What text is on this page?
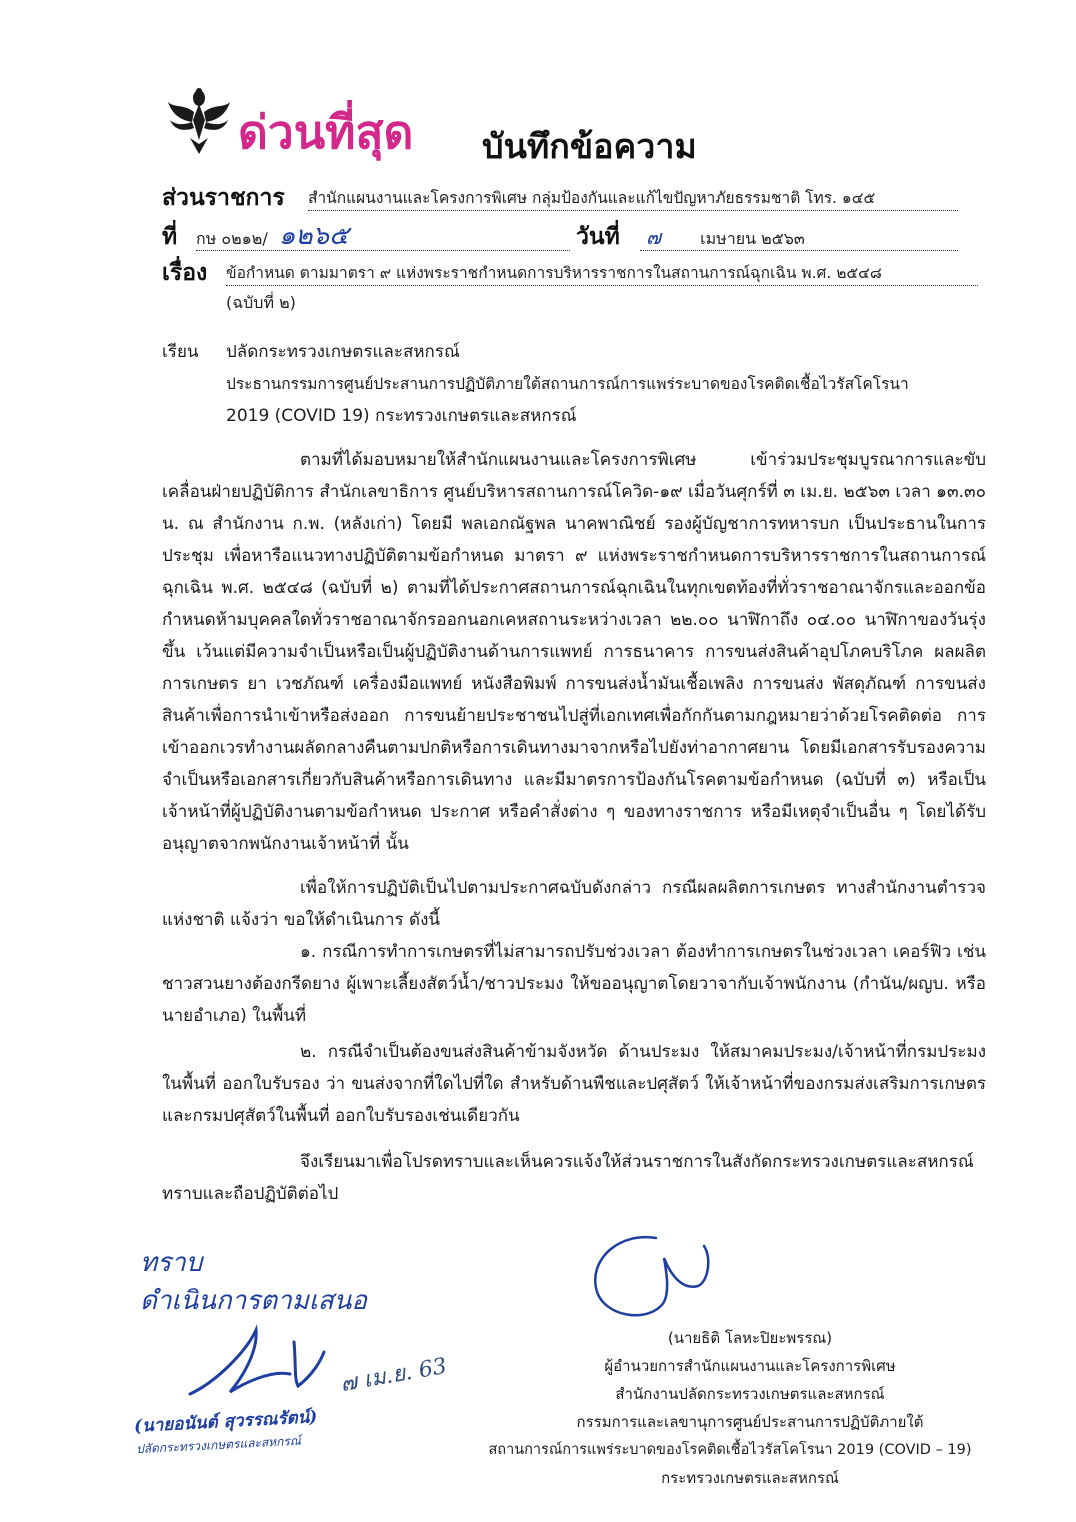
ด่วนที่สุด บันทึกข้อความ
ส่วนราชการ สำนักแผนงานและโครงการพิเศษ กลุ่มป้องกันและแก้ไขปัญหาภัยธรรมชาติ โทร. ๑๔๕
ที่ กษ ๐๒๑๒/ ๑๒๖๕	วันที่	๗ เมษายน ๒๕๖๓
เรื่อง ข้อกำหนด ตามมาตรา ๙ แห่งพระราชกำหนดการบริหารราชการในสถานการณ์ฉุกเฉิน พ.ศ. ๒๕๔๘
(ฉบับที่ ๒)
เรียน ปลัดกระทรวงเกษตรและสหกรณ์
ประธานกรรมการศูนย์ประสานการปฏิบัติภายใต้สถานการณ์การแพร่ระบาดของโรคติดเชื้อไวรัสโคโรนา
2019 (COVID 19) กระทรวงเกษตรและสหกรณ์
ตามที่ได้มอบหมายให้สำนักแผนงานและโครงการพิเศษ เข้าร่วมประชุมบูรณาการและขับเคลื่อนฝ่ายปฏิบัติการ สำนักเลขาธิการ ศูนย์บริหารสถานการณ์โควิด-๑๙ เมื่อวันศุกร์ที่ ๓ เม.ย. ๒๕๖๓ เวลา ๑๓.๓๐ น. ณ สำนักงาน ก.พ. (หลังเก่า) โดยมี พลเอกณัฐพล นาคพาณิชย์ รองผู้บัญชาการทหารบก เป็นประธานในการประชุม เพื่อหารือแนวทางปฏิบัติตามข้อกำหนด มาตรา ๙ แห่งพระราชกำหนดการบริหารราชการในสถานการณ์ฉุกเฉิน พ.ศ. ๒๕๔๘ (ฉบับที่ ๒) ตามที่ได้ประกาศสถานการณ์ฉุกเฉินในทุกเขตท้องที่ทั่วราชอาณาจักรและออกข้อกำหนดห้ามบุคคลใดทั่วราชอาณาจักรออกนอกเคหสถานระหว่างเวลา ๒๒.๐๐ นาฬิกาถึง ๐๔.๐๐ นาฬิกาของวันรุ่งขึ้น เว้นแต่มีความจำเป็นหรือเป็นผู้ปฏิบัติงานด้านการแพทย์ การธนาคาร การขนส่งสินค้าอุปโภคบริโภค ผลผลิตการเกษตร ยา เวชภัณฑ์ เครื่องมือแพทย์ หนังสือพิมพ์ การขนส่งน้ำมันเชื้อเพลิง การขนส่ง พัสดุภัณฑ์ การขนส่งสินค้าเพื่อการนำเข้าหรือส่งออก การขนย้ายประชาชนไปสู่ที่เอกเทศเพื่อกักกันตามกฎหมายว่าด้วยโรคติดต่อ การเข้าออกเวรทำงานผลัดกลางคืนตามปกติหรือการเดินทางมาจากหรือไปยังท่าอากาศยาน โดยมีเอกสารรับรองความจำเป็นหรือเอกสารเกี่ยวกับสินค้าหรือการเดินทาง และมีมาตรการป้องกันโรคตามข้อกำหนด (ฉบับที่ ๓) หรือเป็นเจ้าหน้าที่ผู้ปฏิบัติงานตามข้อกำหนด ประกาศ หรือคำสั่งต่าง ๆ ของทางราชการ หรือมีเหตุจำเป็นอื่น ๆ โดยได้รับอนุญาตจากพนักงานเจ้าหน้าที่ นั้น
เพื่อให้การปฏิบัติเป็นไปตามประกาศฉบับดังกล่าว กรณีผลผลิตการเกษตร ทางสำนักงานตำรวจแห่งชาติ แจ้งว่า ขอให้ดำเนินการ ดังนี้
๑. กรณีการทำการเกษตรที่ไม่สามารถปรับช่วงเวลา ต้องทำการเกษตรในช่วงเวลา เคอร์ฟิว เช่น ชาวสวนยางต้องกรีดยาง ผู้เพาะเลี้ยงสัตว์น้ำ/ชาวประมง ให้ขออนุญาตโดยวาจากับเจ้าพนักงาน (กำนัน/ผญบ. หรือ นายอำเภอ) ในพื้นที่
๒. กรณีจำเป็นต้องขนส่งสินค้าข้ามจังหวัด ด้านประมง ให้สมาคมประมง/เจ้าหน้าที่กรมประมงในพื้นที่ ออกใบรับรอง ว่า ขนส่งจากที่ใดไปที่ใด สำหรับด้านพืชและปศุสัตว์ ให้เจ้าหน้าที่ของกรมส่งเสริมการเกษตรและกรมปศุสัตว์ในพื้นที่ ออกใบรับรองเช่นเดียวกัน
จึงเรียนมาเพื่อโปรดทราบและเห็นควรแจ้งให้ส่วนราชการในสังกัดกระทรวงเกษตรและสหกรณ์ทราบและถือปฏิบัติต่อไป
ทราบ
ดำเนินการตามเสนอ
๗ เม.ย. 63
(นายอนันต์ สุวรรณรัตน์)
ปลัดกระทรวงเกษตรและสหกรณ์
(นายธิติ โลหะปิยะพรรณ)
ผู้อำนวยการสำนักแผนงานและโครงการพิเศษ
สำนักงานปลัดกระทรวงเกษตรและสหกรณ์
กรรมการและเลขานุการศูนย์ประสานการปฏิบัติภายใต้
สถานการณ์การแพร่ระบาดของโรคติดเชื้อไวรัสโคโรนา 2019 (COVID – 19)
กระทรวงเกษตรและสหกรณ์
